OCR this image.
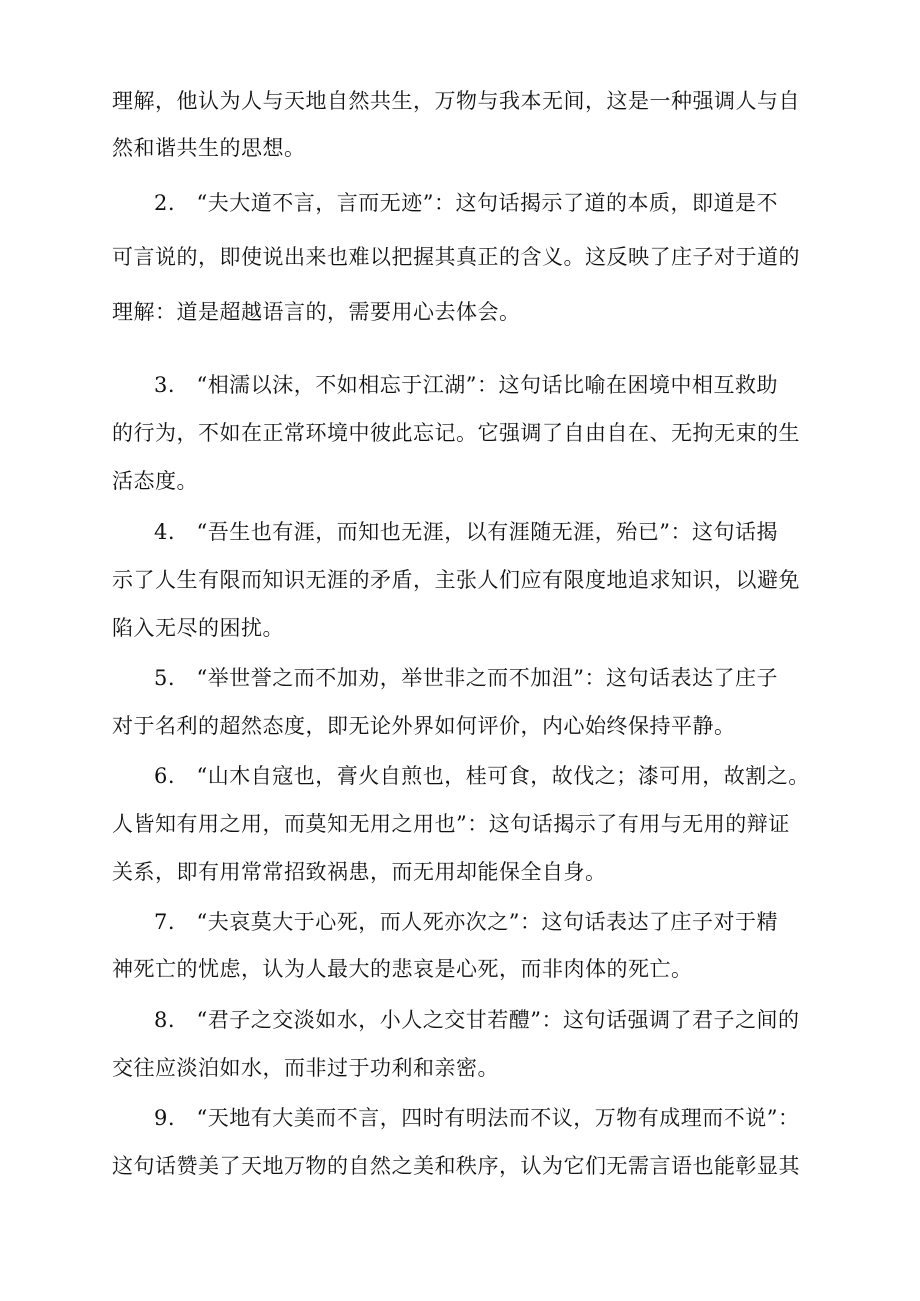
理解，他认为人与天地自然共生，万物与我本无间，这是一种强调人与自
然和谐共生的思想。
2.　“夫大道不言，言而无迹”：这句话揭示了道的本质，即道是不
可言说的，即使说出来也难以把握其真正的含义。这反映了庄子对于道的
理解：道是超越语言的，需要用心去体会。
3.　“相濡以沫，不如相忘于江湖”：这句话比喻在困境中相互救助
的行为，不如在正常环境中彼此忘记。它强调了自由自在、无拘无束的生
活态度。
4.　“吾生也有涯，而知也无涯，以有涯随无涯，殆已”：这句话揭
示了人生有限而知识无涯的矛盾，主张人们应有限度地追求知识，以避免
陷入无尽的困扰。
5.　“举世誉之而不加劝，举世非之而不加沮”：这句话表达了庄子
对于名利的超然态度，即无论外界如何评价，内心始终保持平静。
6.　“山木自寇也，膏火自煎也，桂可食，故伐之；漆可用，故割之。
人皆知有用之用，而莫知无用之用也”：这句话揭示了有用与无用的辩证
关系，即有用常常招致祸患，而无用却能保全自身。
7.　“夫哀莫大于心死，而人死亦次之”：这句话表达了庄子对于精
神死亡的忧虑，认为人最大的悲哀是心死，而非肉体的死亡。
8.　“君子之交淡如水，小人之交甘若醴”：这句话强调了君子之间的
交往应淡泊如水，而非过于功利和亲密。
9.　“天地有大美而不言，四时有明法而不议，万物有成理而不说”：
这句话赞美了天地万物的自然之美和秩序，认为它们无需言语也能彰显其
